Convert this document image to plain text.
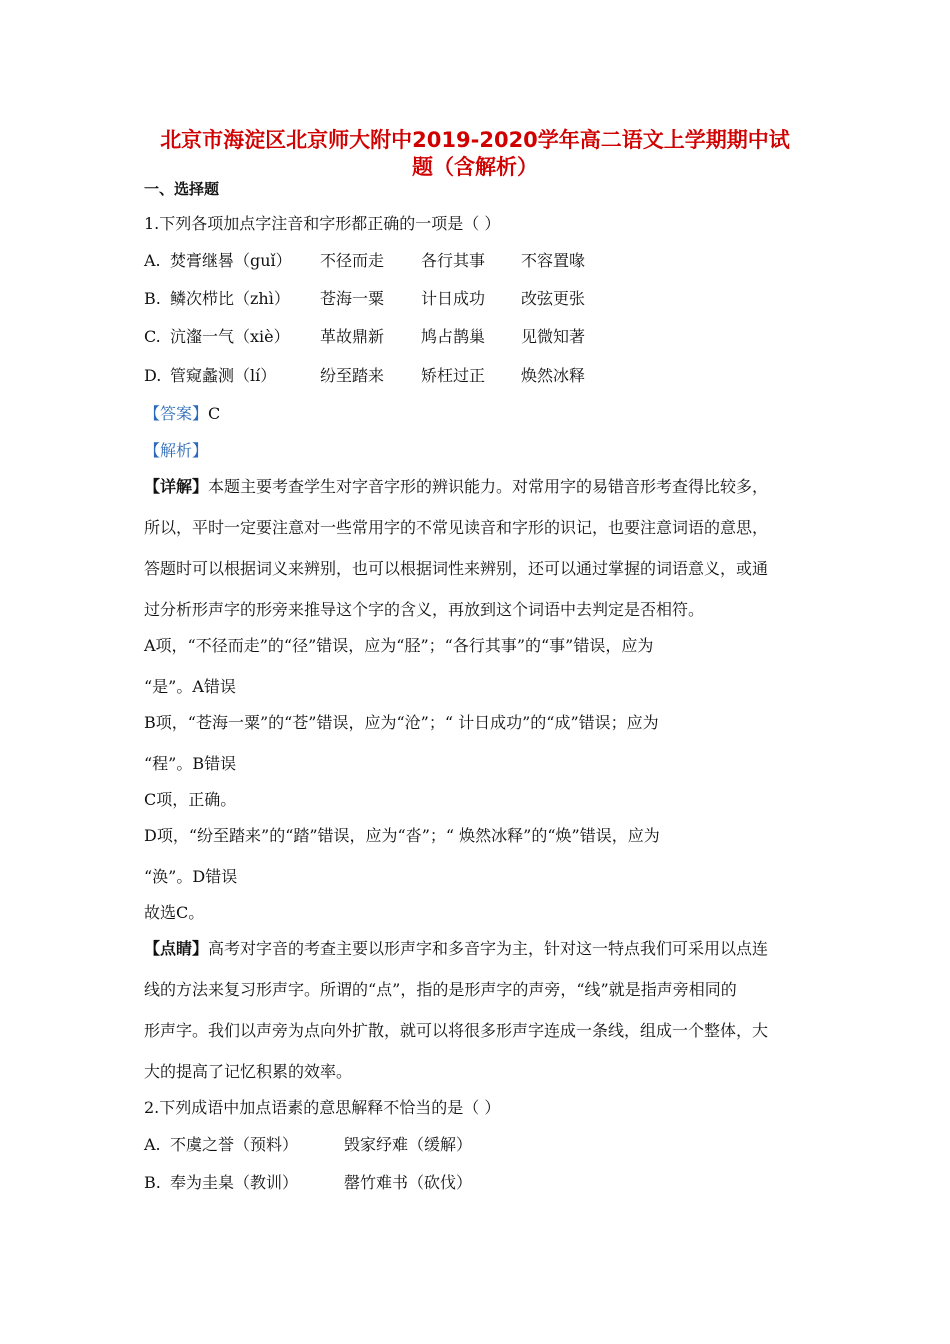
北京市海淀区北京师大附中2019-2020学年高二语文上学期期中试
题（含解析）
一、选择题
1.下列各项加点字注音和字形都正确的一项是（ ）
A. 焚膏继晷（guǐ） 不径而走 各行其事 不容置喙
B. 鳞次栉比（zhì） 苍海一粟 计日成功 改弦更张
C. 沆瀣一气（xiè） 革故鼎新 鸠占鹊巢 见微知著
D. 管窥蠡测（lí）	纷至踏来 矫枉过正 焕然冰释
【答案】C
【解析】
【详解】本题主要考查学生对字音字形的辨识能力。对常用字的易错音形考查得比较多，
所以，平时一定要注意对一些常用字的不常见读音和字形的识记，也要注意词语的意思，
答题时可以根据词义来辨别，也可以根据词性来辨别，还可以通过掌握的词语意义，或通
过分析形声字的形旁来推导这个字的含义，再放到这个词语中去判定是否相符。
A项，“不径而走”的“径”错误，应为“胫”；“各行其事”的“事”错误，应为
“是”。A错误
B项，“苍海一粟”的“苍”错误，应为“沧”；“ 计日成功”的“成”错误；应为
“程”。B错误
C项，正确。
D项，“纷至踏来”的“踏”错误，应为“沓”；“ 焕然冰释”的“焕”错误，应为
“涣”。D错误
故选C。
【点睛】高考对字音的考查主要以形声字和多音字为主，针对这一特点我们可采用以点连
线的方法来复习形声字。所谓的“点”，指的是形声字的声旁，“线”就是指声旁相同的
形声字。我们以声旁为点向外扩散，就可以将很多形声字连成一条线，组成一个整体，大
大的提高了记忆积累的效率。
2.下列成语中加点语素的意思解释不恰当的是（ ）
A. 不虞之誉（预料）	毁家纾难（缓解）
B. 奉为圭臬（教训）	罄竹难书（砍伐）
